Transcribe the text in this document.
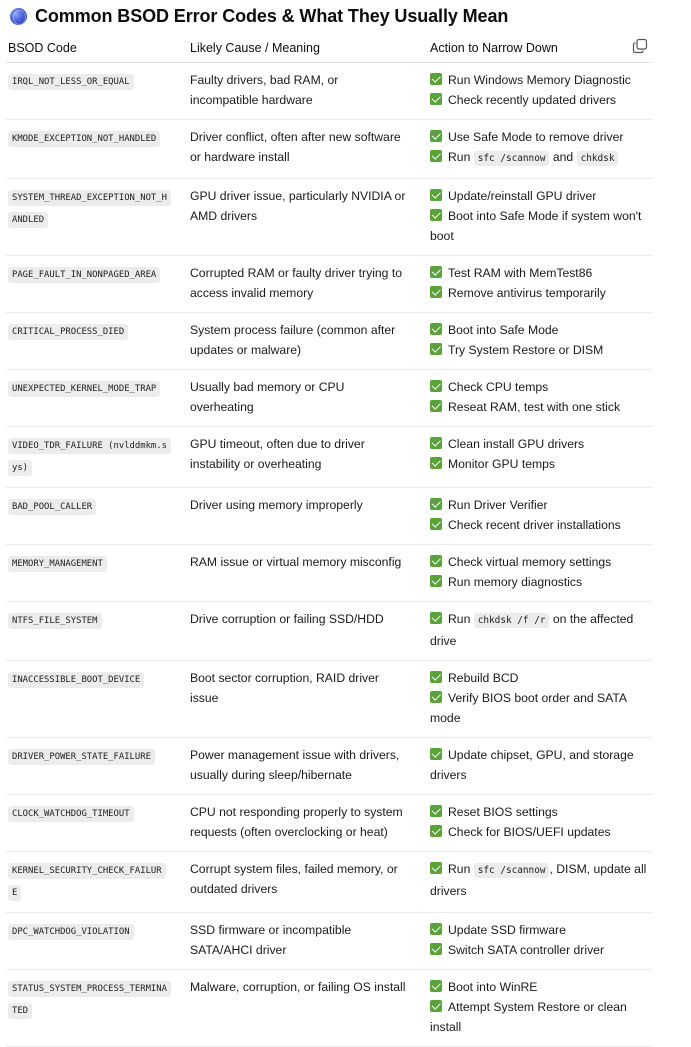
Common BSOD Error Codes & What They Usually Mean
BSOD Code	Likely Cause / Meaning	Action to Narrow Down
IRQL_NOT_LESS_OR_EQUAL	Faulty drivers, bad RAM, or incompatible hardware	Run Windows Memory Diagnostic
Check recently updated drivers

KMODE_EXCEPTION_NOT_HANDLED	Driver conflict, often after new software or hardware install	Use Safe Mode to remove driver
Run sfc /scannow and chkdsk

SYSTEM_THREAD_EXCEPTION_NOT_HANDLED	GPU driver issue, particularly NVIDIA or AMD drivers	Update/reinstall GPU driver
Boot into Safe Mode if system won't boot

PAGE_FAULT_IN_NONPAGED_AREA	Corrupted RAM or faulty driver trying to access invalid memory	Test RAM with MemTest86
Remove antivirus temporarily

CRITICAL_PROCESS_DIED	System process failure (common after updates or malware)	Boot into Safe Mode
Try System Restore or DISM

UNEXPECTED_KERNEL_MODE_TRAP	Usually bad memory or CPU overheating	Check CPU temps
Reseat RAM, test with one stick

VIDEO_TDR_FAILURE (nvlddmkm.sys)	GPU timeout, often due to driver instability or overheating	Clean install GPU drivers
Monitor GPU temps

BAD_POOL_CALLER	Driver using memory improperly	Run Driver Verifier
Check recent driver installations

MEMORY_MANAGEMENT	RAM issue or virtual memory misconfig	Check virtual memory settings
Run memory diagnostics

NTFS_FILE_SYSTEM	Drive corruption or failing SSD/HDD	Run chkdsk /f /r on the affected drive

INACCESSIBLE_BOOT_DEVICE	Boot sector corruption, RAID driver issue	Rebuild BCD
Verify BIOS boot order and SATA mode

DRIVER_POWER_STATE_FAILURE	Power management issue with drivers, usually during sleep/hibernate	Update chipset, GPU, and storage drivers

CLOCK_WATCHDOG_TIMEOUT	CPU not responding properly to system requests (often overclocking or heat)	Reset BIOS settings
Check for BIOS/UEFI updates

KERNEL_SECURITY_CHECK_FAILURE	Corrupt system files, failed memory, or outdated drivers	Run sfc /scannow , DISM, update all drivers

DPC_WATCHDOG_VIOLATION	SSD firmware or incompatible SATA/AHCI driver	Update SSD firmware
Switch SATA controller driver

STATUS_SYSTEM_PROCESS_TERMINATED	Malware, corruption, or failing OS install	Boot into WinRE
Attempt System Restore or clean install
